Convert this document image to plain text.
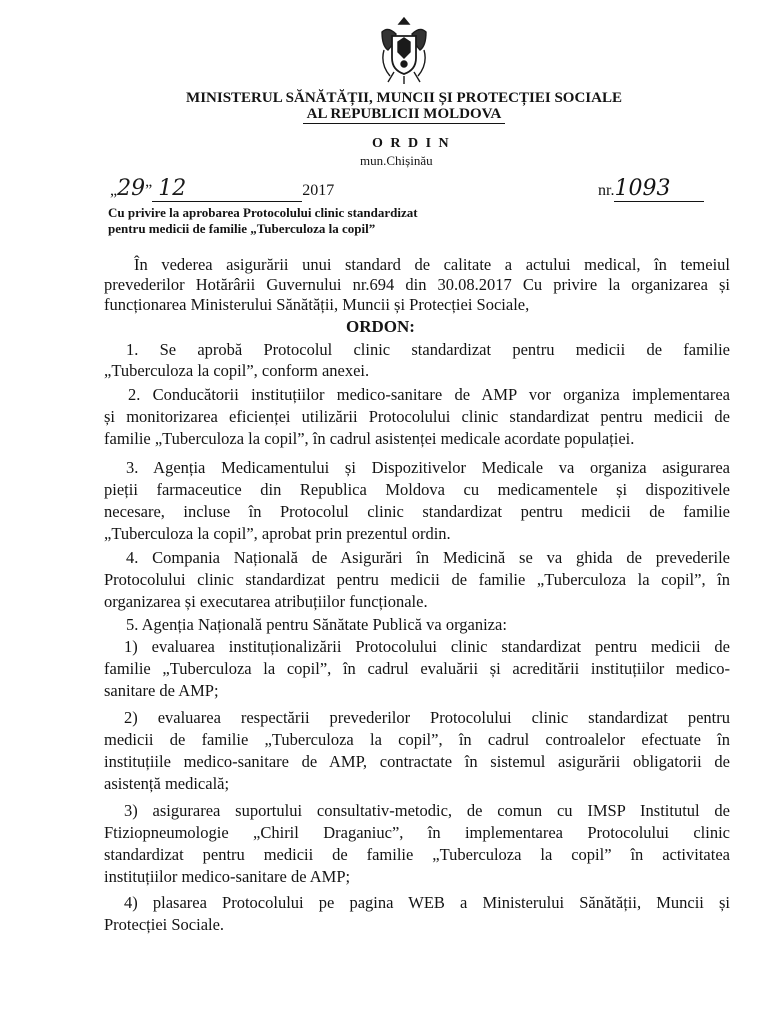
MINISTERUL SĂNĂTĂȚII, MUNCII ȘI PROTECȚIEI SOCIALE
AL REPUBLICII MOLDOVA
O R D I N
mun.Chișinău
„29” 12	2017	nr.1093
Cu privire la aprobarea Protocolului clinic standardizat
pentru medicii de familie „Tuberculoza la copil”
În vederea asigurării unui standard de calitate a actului medical, în temeiul
prevederilor Hotărârii Guvernului nr.694 din 30.08.2017 Cu privire la organizarea și
funcționarea Ministerului Sănătății, Muncii și Protecției Sociale,
ORDON:
1. Se aprobă Protocolul clinic standardizat pentru medicii de familie
„Tuberculoza la copil”, conform anexei.
2. Conducătorii instituțiilor medico-sanitare de AMP vor organiza implementarea
și monitorizarea eficienței utilizării Protocolului clinic standardizat pentru medicii de
familie „Tuberculoza la copil”, în cadrul asistenței medicale acordate populației.
3. Agenția Medicamentului și Dispozitivelor Medicale va organiza asigurarea
pieții farmaceutice din Republica Moldova cu medicamentele și dispozitivele
necesare, incluse în Protocolul clinic standardizat pentru medicii de familie
„Tuberculoza la copil”, aprobat prin prezentul ordin.
4. Compania Națională de Asigurări în Medicină se va ghida de prevederile
Protocolului clinic standardizat pentru medicii de familie „Tuberculoza la copil”, în
organizarea și executarea atribuțiilor funcționale.
5. Agenția Națională pentru Sănătate Publică va organiza:
1) evaluarea instituționalizării Protocolului clinic standardizat pentru medicii de
familie „Tuberculoza la copil”, în cadrul evaluării și acreditării instituțiilor medico-
sanitare de AMP;
2) evaluarea respectării prevederilor Protocolului clinic standardizat pentru
medicii de familie „Tuberculoza la copil”, în cadrul controalelor efectuate în
instituțiile medico-sanitare de AMP, contractate în sistemul asigurării obligatorii de
asistență medicală;
3) asigurarea suportului consultativ-metodic, de comun cu IMSP Institutul de
Ftiziopneumologie „Chiril Draganiuc”, în implementarea Protocolului clinic
standardizat pentru medicii de familie „Tuberculoza la copil” în activitatea
instituțiilor medico-sanitare de AMP;
4) plasarea Protocolului pe pagina WEB a Ministerului Sănătății, Muncii și
Protecției Sociale.
